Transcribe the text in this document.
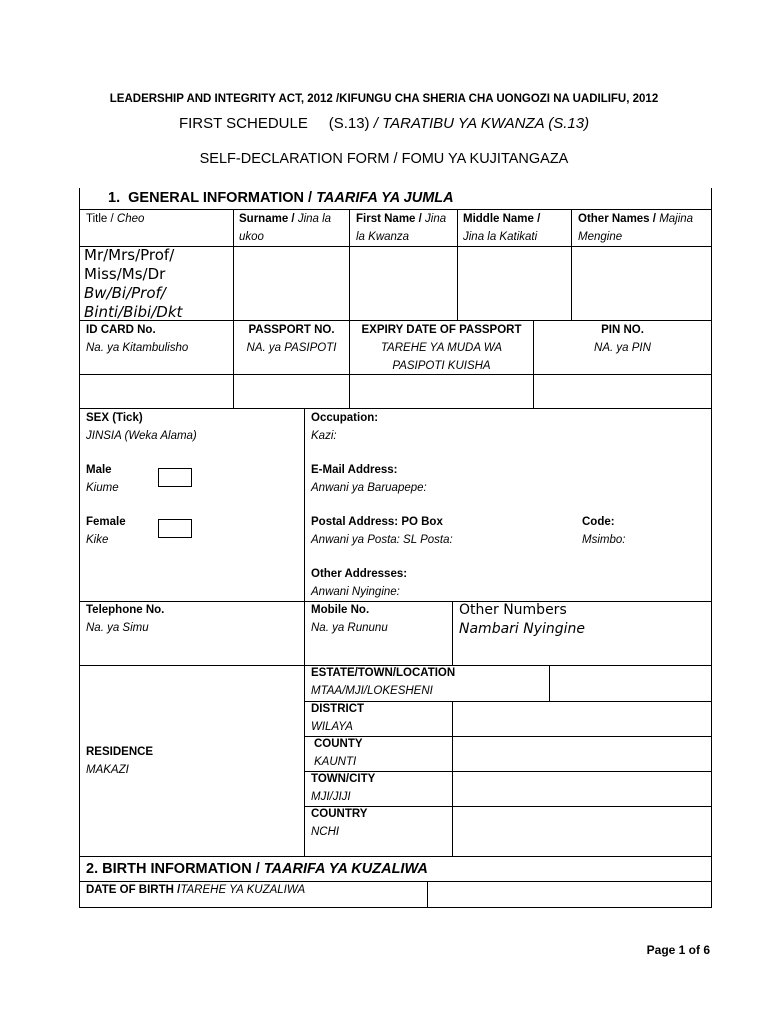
LEADERSHIP AND INTEGRITY ACT, 2012 /KIFUNGU CHA SHERIA CHA UONGOZI NA UADILIFU, 2012
FIRST SCHEDULE (S.13) / TARATIBU YA KWANZA (S.13)
SELF-DECLARATION FORM / FOMU YA KUJITANGAZA
1. GENERAL INFORMATION / TAARIFA YA JUMLA
Title / Cheo	Surname / Jina la
ukoo
First Name / Jina
la Kwanza
Middle Name /
Jina la Katikati
Other Names / Majina
Mengine
Mr/Mrs/Prof/
Miss/Ms/Dr
Bw/Bi/Prof/
Binti/Bibi/Dkt
ID CARD No.
Na. ya Kitambulisho
PASSPORT NO.
NA. ya PASIPOTI
EXPIRY DATE OF PASSPORT
TAREHE YA MUDA WA
PASIPOTI KUISHA
PIN NO.
NA. ya PIN
SEX (Tick)
JINSIA (Weka Alama)
Male
Kiume
Female
Kike
Occupation:
Kazi:
E-Mail Address:
Anwani ya Baruapepe:
Postal Address: PO Box
Anwani ya Posta: SL Posta:
Code:
Msimbo:
Other Addresses:
Anwani Nyingine:
Telephone No.
Na. ya Simu
Mobile No.
Na. ya Rununu
Other Numbers
Nambari Nyingine
RESIDENCE
MAKAZI
ESTATE/TOWN/LOCATION
MTAA/MJI/LOKESHENI
DISTRICT
WILAYA
COUNTY
KAUNTI
TOWN/CITY
MJI/JIJI
COUNTRY
NCHI
2. BIRTH INFORMATION / TAARIFA YA KUZALIWA
DATE OF BIRTH /TAREHE YA KUZALIWA
Page 1 of 6
